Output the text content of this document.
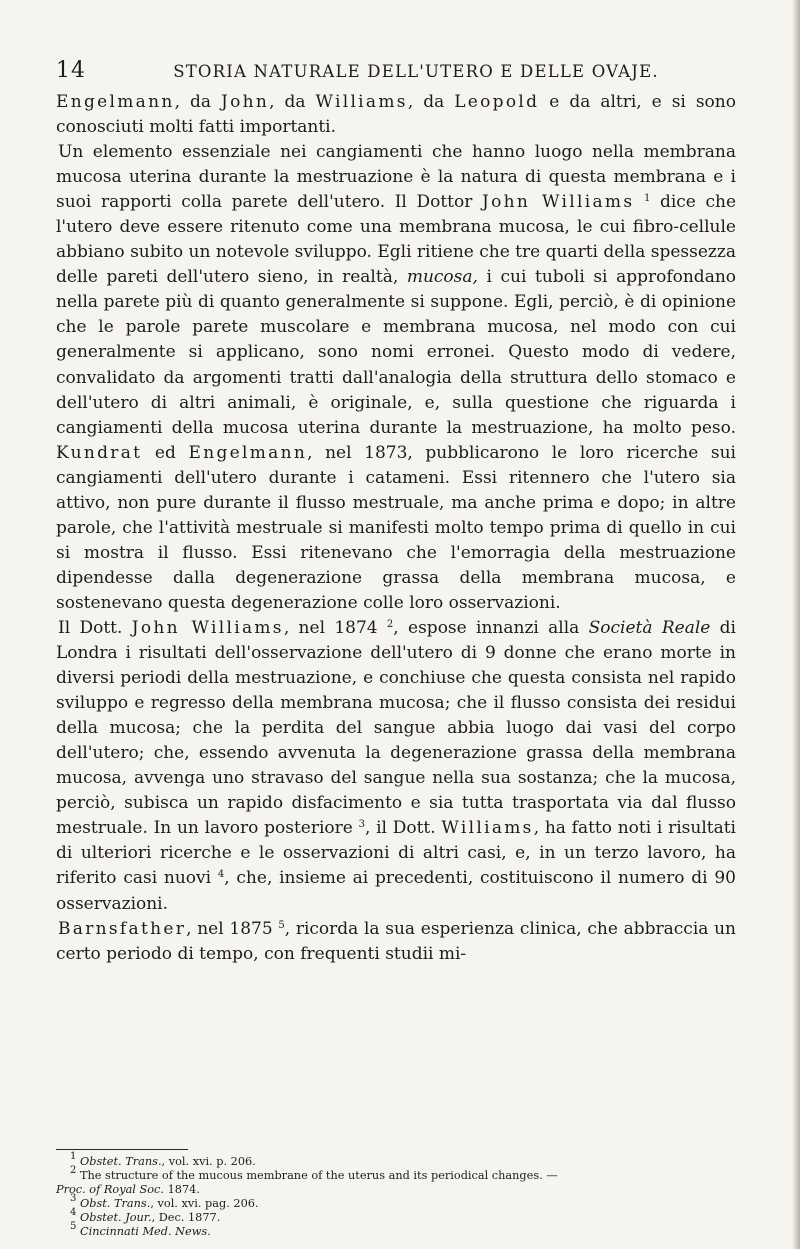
14	STORIA NATURALE DELL'UTERO E DELLE OVAJE.

Engelmann, da John, da Williams, da Leopold e da altri, e si sono conosciuti molti fatti importanti.

Un elemento essenziale nei cangiamenti che hanno luogo nella membrana mucosa uterina durante la mestruazione è la natura di questa membrana e i suoi rapporti colla parete dell'utero. Il Dottor John Williams $^1$ dice che l'utero deve essere ritenuto come una membrana mucosa, le cui fibro-cellule abbiano subito un notevole sviluppo. Egli ritiene che tre quarti della spessezza delle pareti dell'utero sieno, in realtà, mucosa, i cui tuboli si approfondano nella parete più di quanto generalmente si suppone. Egli, perciò, è di opinione che le parole parete muscolare e membrana mucosa, nel modo con cui generalmente si applicano, sono nomi erronei. Questo modo di vedere, convalidato da argomenti tratti dall'analogia della struttura dello stomaco e dell'utero di altri animali, è originale, e, sulla questione che riguarda i cangiamenti della mucosa uterina durante la mestruazione, ha molto peso. Kundrat ed Engelmann, nel 1873, pubblicarono le loro ricerche sui cangiamenti dell'utero durante i catameni. Essi ritennero che l'utero sia attivo, non pure durante il flusso mestruale, ma anche prima e dopo; in altre parole, che l'attività mestruale si manifesti molto tempo prima di quello in cui si mostra il flusso. Essi ritenevano che l'emorragia della mestruazione dipendesse dalla degenerazione grassa della membrana mucosa, e sostenevano questa degenerazione colle loro osservazioni.

Il Dott. John Williams, nel 1874 $^2$, espose innanzi alla Società Reale di Londra i risultati dell'osservazione dell'utero di 9 donne che erano morte in diversi periodi della mestruazione, e conchiuse che questa consista nel rapido sviluppo e regresso della membrana mucosa; che il flusso consista dei residui della mucosa; che la perdita del sangue abbia luogo dai vasi del corpo dell'utero; che, essendo avvenuta la degenerazione grassa della membrana mucosa, avvenga uno stravaso del sangue nella sua sostanza; che la mucosa, perciò, subisca un rapido disfacimento e sia tutta trasportata via dal flusso mestruale. In un lavoro posteriore $^3$, il Dott. Williams, ha fatto noti i risultati di ulteriori ricerche e le osservazioni di altri casi, e, in un terzo lavoro, ha riferito casi nuovi $^4$, che, insieme ai precedenti, costituiscono il numero di 90 osservazioni.

Barnsfather, nel 1875 $^5$, ricorda la sua esperienza clinica, che abbraccia un certo periodo di tempo, con frequenti studii mi-

$^1$ Obstet. Trans., vol. xvi. p. 206.
$^2$ The structure of the mucous membrane of the uterus and its periodical changes. —
Proc. of Royal Soc. 1874.
$^3$ Obst. Trans., vol. xvi. pag. 206.
$^4$ Obstet. Jour., Dec. 1877.
$^5$ Cincinnati Med. News.
